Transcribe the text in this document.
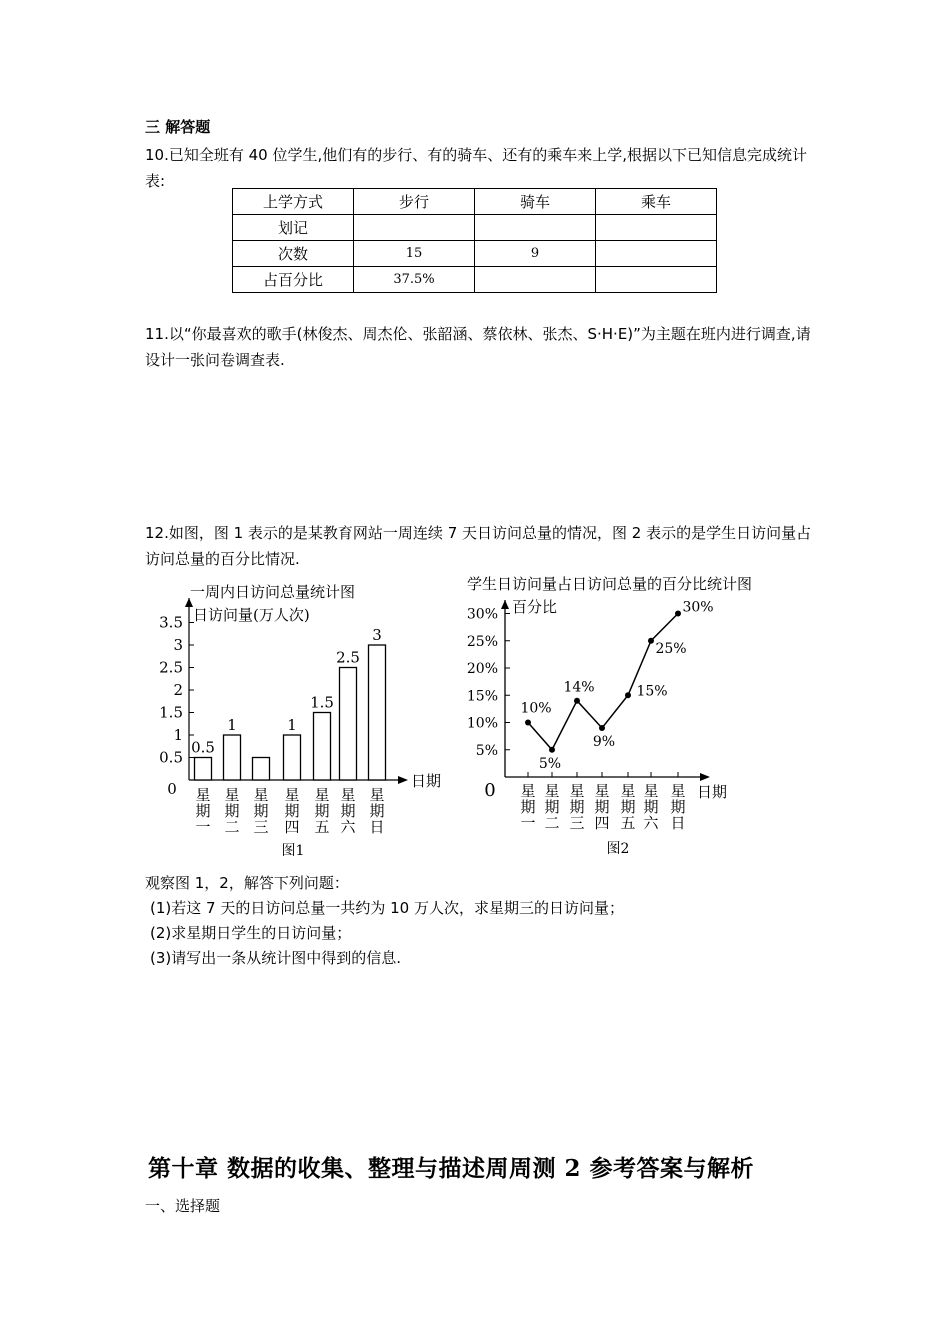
三 解答题
10.已知全班有 40 位学生,他们有的步行、有的骑车、还有的乘车来上学,根据以下已知信息完成统计表:
上学方式	步行	骑车	乘车
划记			
次数	15	9	
占百分比	37.5%		
11.以“你最喜欢的歌手(林俊杰、周杰伦、张韶涵、蔡依林、张杰、S·H·E)”为主题在班内进行调查,请设计一张问卷调查表.
12.如图，图 1 表示的是某教育网站一周连续 7 天日访问总量的情况，图 2 表示的是学生日访问量占访问总量的百分比情况.
一周内日访问总量统计图
日访问量(万人次)
日期
0
0.5
1
1.5
2
2.5
3
3.5
0.5
星
期
一
1
星
期
二
星
期
三
1
星
期
四
1.5
星
期
五
2.5
星
期
六
3
星
期
日
图1
学生日访问量占日访问总量的百分比统计图
百分比
日期
0
5%
10%
15%
20%
25%
30%
10%
星
期
一
5%
星
期
二
14%
星
期
三
9%
星
期
四
15%
星
期
五
25%
星
期
六
30%
星
期
日
图2
观察图 1，2，解答下列问题：
(1)若这 7 天的日访问总量一共约为 10 万人次，求星期三的日访问量；
(2)求星期日学生的日访问量；
(3)请写出一条从统计图中得到的信息.
第十章 数据的收集、整理与描述周周测 2 参考答案与解析
一、选择题
